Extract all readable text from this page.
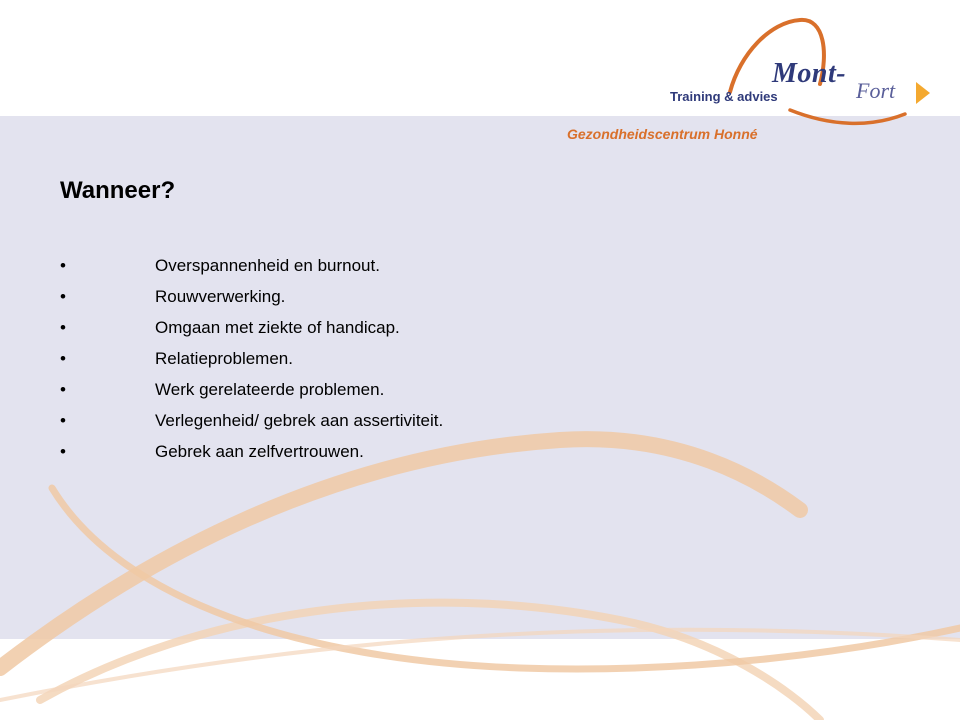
Mont-
Fort
Training & advies
Gezondheidscentrum Honné
Wanneer?
•	Overspannenheid en burnout.
•	Rouwverwerking.
•	Omgaan met ziekte of handicap.
•	Relatieproblemen.
•	Werk gerelateerde problemen.
•	Verlegenheid/ gebrek aan assertiviteit.
•	Gebrek aan zelfvertrouwen.
